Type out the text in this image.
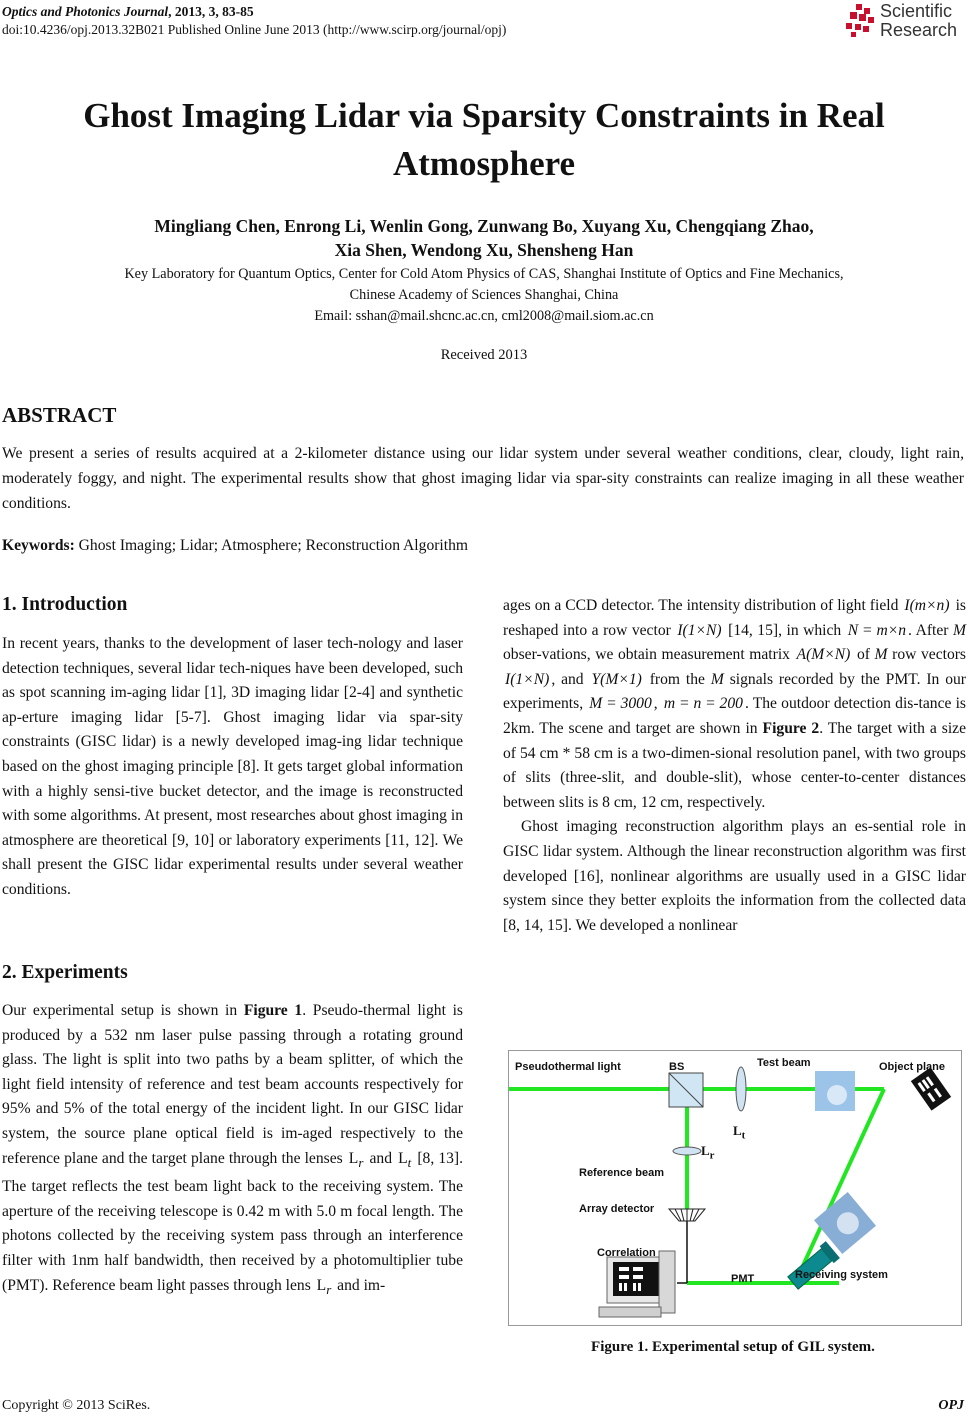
Optics and Photonics Journal, 2013, 3, 83-85
doi:10.4236/opj.2013.32B021 Published Online June 2013 (http://www.scirp.org/journal/opj)
Scientific
Research
Ghost Imaging Lidar via Sparsity Constraints in Real
Atmosphere
Mingliang Chen, Enrong Li, Wenlin Gong, Zunwang Bo, Xuyang Xu, Chengqiang Zhao,
Xia Shen, Wendong Xu, Shensheng Han
Key Laboratory for Quantum Optics, Center for Cold Atom Physics of CAS, Shanghai Institute of Optics and Fine Mechanics,
Chinese Academy of Sciences Shanghai, China
Email: sshan@mail.shcnc.ac.cn, cml2008@mail.siom.ac.cn
Received 2013
ABSTRACT
We present a series of results acquired at a 2-kilometer distance using our lidar system under several weather conditions, clear, cloudy, light rain, moderately foggy, and night. The experimental results show that ghost imaging lidar via spar-sity constraints can realize imaging in all these weather conditions.
Keywords: Ghost Imaging; Lidar; Atmosphere; Reconstruction Algorithm
1. Introduction

In recent years, thanks to the development of laser tech-nology and laser detection techniques, several lidar tech-niques have been developed, such as spot scanning im-aging lidar [1], 3D imaging lidar [2-4] and synthetic ap-erture imaging lidar [5-7]. Ghost imaging lidar via spar-sity constraints (GISC lidar) is a newly developed imag-ing lidar technique based on the ghost imaging principle [8]. It gets target global information with a highly sensi-tive bucket detector, and the image is reconstructed with some algorithms. At present, most researches about ghost imaging in atmosphere are theoretical [9, 10] or laboratory experiments [11, 12]. We shall present the GISC lidar experimental results under several weather conditions.

2. Experiments

Our experimental setup is shown in Figure 1. Pseudo-thermal light is produced by a 532 nm laser pulse passing through a rotating ground glass. The light is split into two paths by a beam splitter, of which the light field intensity of reference and test beam accounts respectively for 95% and 5% of the total energy of the incident light. In our GISC lidar system, the source plane optical field is im-aged respectively to the reference plane and the target plane through the lenses $L_r$ and $L_t$ [8, 13]. The target reflects the test beam light back to the receiving system. The aperture of the receiving telescope is 0.42 m with 5.0 m focal length. The photons collected by the receiving system pass through an interference filter with 1nm half bandwidth, then received by a photomultiplier tube (PMT). Reference beam light passes through lens $L_r$ and im-

ages on a CCD detector. The intensity distribution of light field I(m×n) is reshaped into a row vector I(1×N) [14, 15], in which N = m×n . After M obser-vations, we obtain measurement matrix A(M×N) of M row vectors I(1×N) , and Y(M×1) from the M signals recorded by the PMT. In our experiments, M = 3000 , m = n = 200 . The outdoor detection dis-tance is 2km. The scene and target are shown in Figure 2. The target with a size of 54 cm * 58 cm is a two-dimen-sional resolution panel, with two groups of slits (three-slit, and double-slit), whose center-to-center distances between slits is 8 cm, 12 cm, respectively.

Ghost imaging reconstruction algorithm plays an es-sential role in GISC lidar system. Although the linear reconstruction algorithm was first developed [16], nonlinear algorithms are usually used in a GISC lidar system since they better exploits the information from the collected data [8, 14, 15]. We developed a nonlinear

Pseudothermal light	BS	Test beam	Object plane
$L_t$
$L_r$
Reference beam
Array detector
Correlation
PMT	Receiving system
Figure 1. Experimental setup of GIL system.
Copyright © 2013 SciRes.	OPJ
